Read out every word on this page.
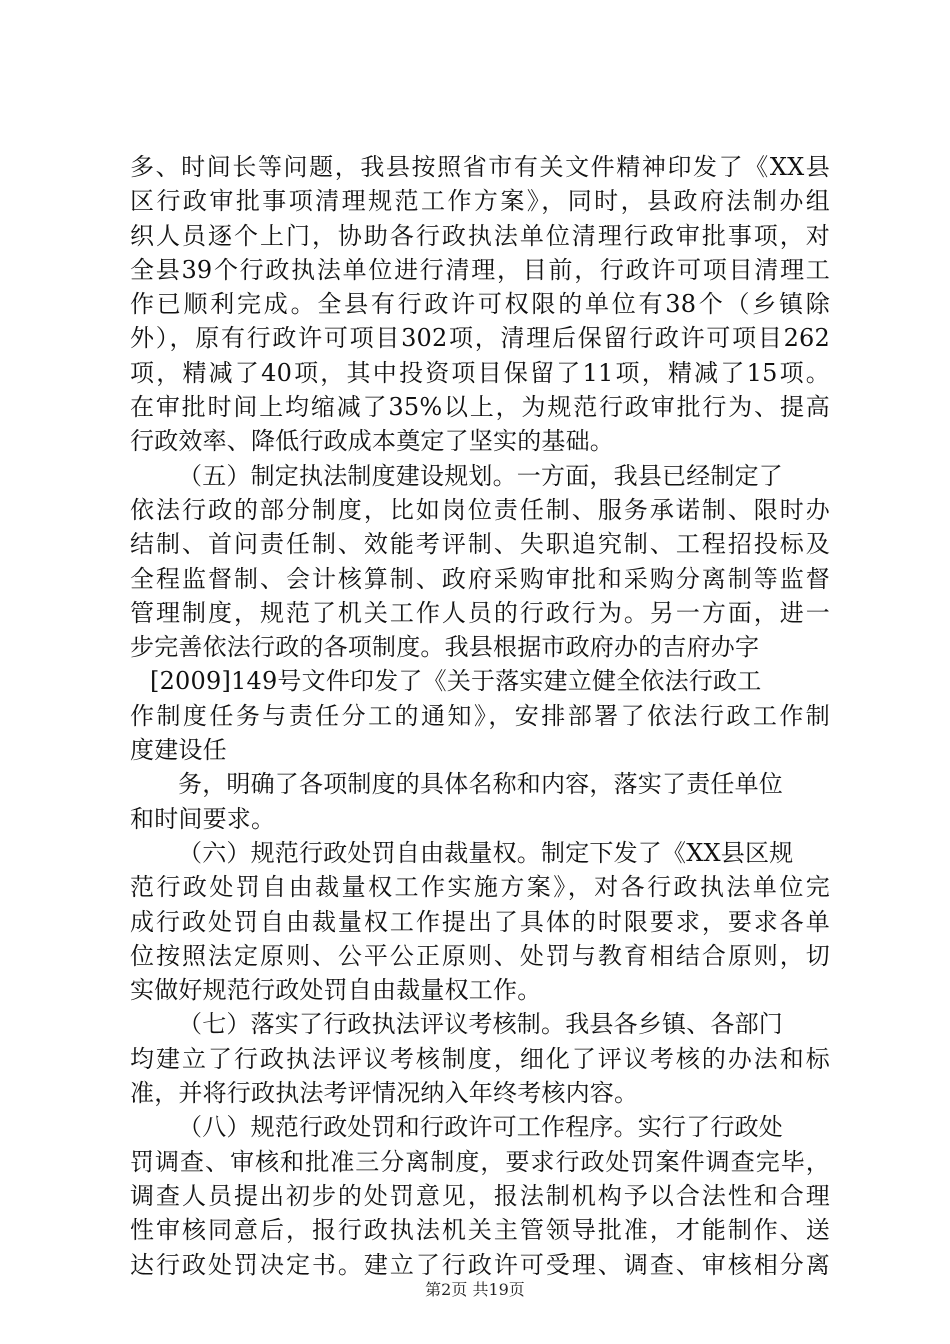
多、时间长等问题，我县按照省市有关文件精神印发了《XX县
区行政审批事项清理规范工作方案》，同时，县政府法制办组
织人员逐个上门，协助各行政执法单位清理行政审批事项，对
全县39个行政执法单位进行清理，目前，行政许可项目清理工
作已顺利完成。全县有行政许可权限的单位有38个（乡镇除
外），原有行政许可项目302项，清理后保留行政许可项目262
项，精减了40项，其中投资项目保留了11项，精减了15项。
在审批时间上均缩减了35%以上，为规范行政审批行为、提高
行政效率、降低行政成本奠定了坚实的基础。
（五）制定执法制度建设规划。一方面，我县已经制定了
依法行政的部分制度，比如岗位责任制、服务承诺制、限时办
结制、首问责任制、效能考评制、失职追究制、工程招投标及
全程监督制、会计核算制、政府采购审批和采购分离制等监督
管理制度，规范了机关工作人员的行政行为。另一方面，进一
步完善依法行政的各项制度。我县根据市政府办的吉府办字
[2009]149号文件印发了《关于落实建立健全依法行政工
作制度任务与责任分工的通知》，安排部署了依法行政工作制
度建设任
务，明确了各项制度的具体名称和内容，落实了责任单位
和时间要求。
（六）规范行政处罚自由裁量权。制定下发了《XX县区规
范行政处罚自由裁量权工作实施方案》，对各行政执法单位完
成行政处罚自由裁量权工作提出了具体的时限要求，要求各单
位按照法定原则、公平公正原则、处罚与教育相结合原则，切
实做好规范行政处罚自由裁量权工作。
（七）落实了行政执法评议考核制。我县各乡镇、各部门
均建立了行政执法评议考核制度，细化了评议考核的办法和标
准，并将行政执法考评情况纳入年终考核内容。
（八）规范行政处罚和行政许可工作程序。实行了行政处
罚调查、审核和批准三分离制度，要求行政处罚案件调查完毕，
调查人员提出初步的处罚意见，报法制机构予以合法性和合理
性审核同意后，报行政执法机关主管领导批准，才能制作、送
达行政处罚决定书。建立了行政许可受理、调查、审核相分离
第2页 共19页
